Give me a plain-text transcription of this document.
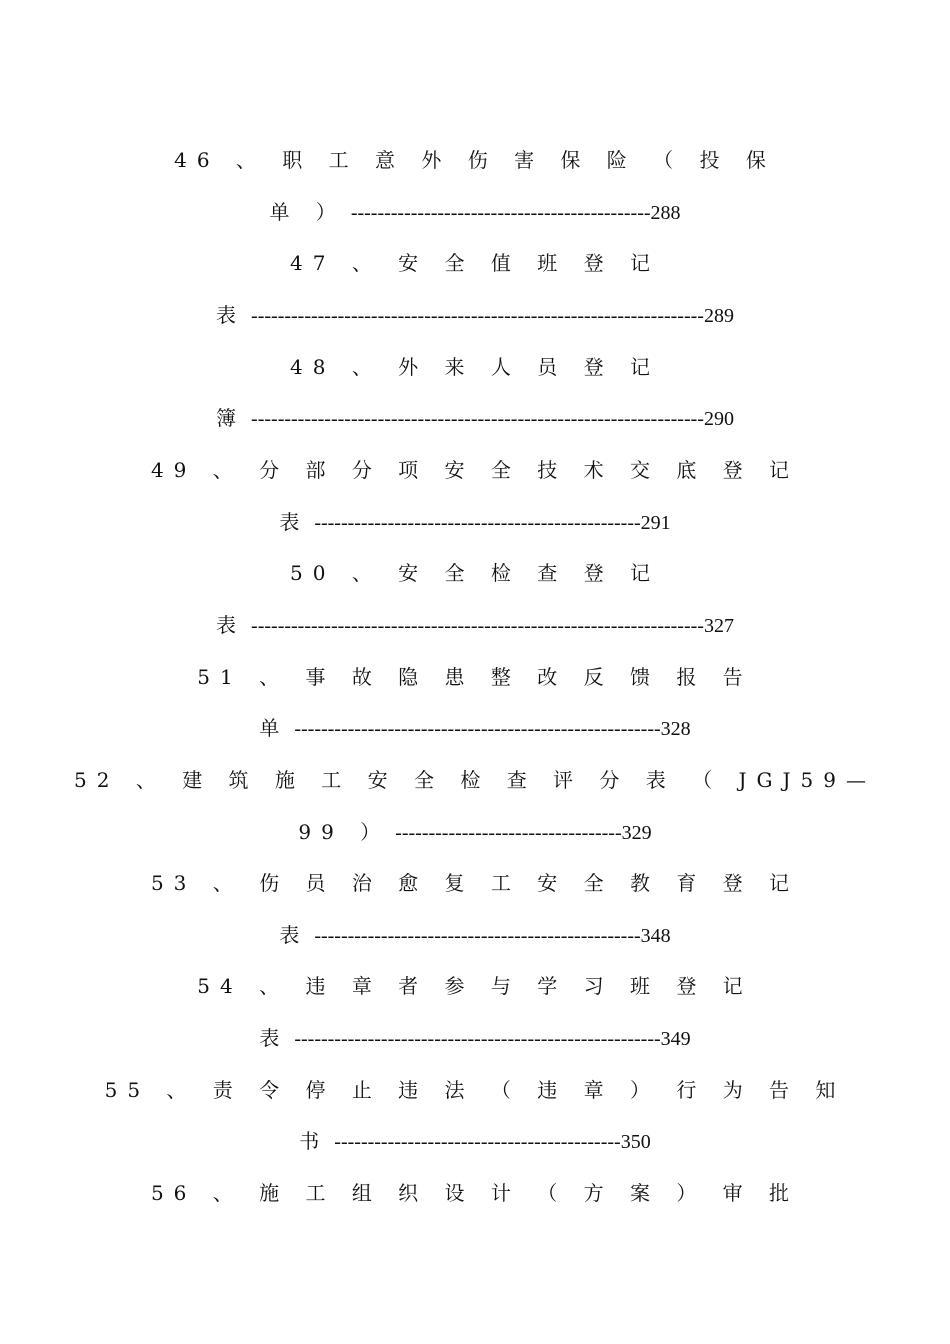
46 、 职 工 意 外 伤 害 保 险 （ 投 保
单 ） ---------------------------------------------288
47 、 安 全 值 班 登 记
表 --------------------------------------------------------------------289
48 、 外 来 人 员 登 记
簿 --------------------------------------------------------------------290
49 、 分 部 分 项 安 全 技 术 交 底 登 记
表 -------------------------------------------------291
50 、 安 全 检 查 登 记
表 --------------------------------------------------------------------327
51 、 事 故 隐 患 整 改 反 馈 报 告
单 -------------------------------------------------------328
52 、 建 筑 施 工 安 全 检 查 评 分 表 （ JGJ59—
99 ） ----------------------------------329
53 、 伤 员 治 愈 复 工 安 全 教 育 登 记
表 -------------------------------------------------348
54 、 违 章 者 参 与 学 习 班 登 记
表 -------------------------------------------------------349
55 、 责 令 停 止 违 法 （ 违 章 ） 行 为 告 知
书 -------------------------------------------350
56 、 施 工 组 织 设 计 （ 方 案 ） 审 批
